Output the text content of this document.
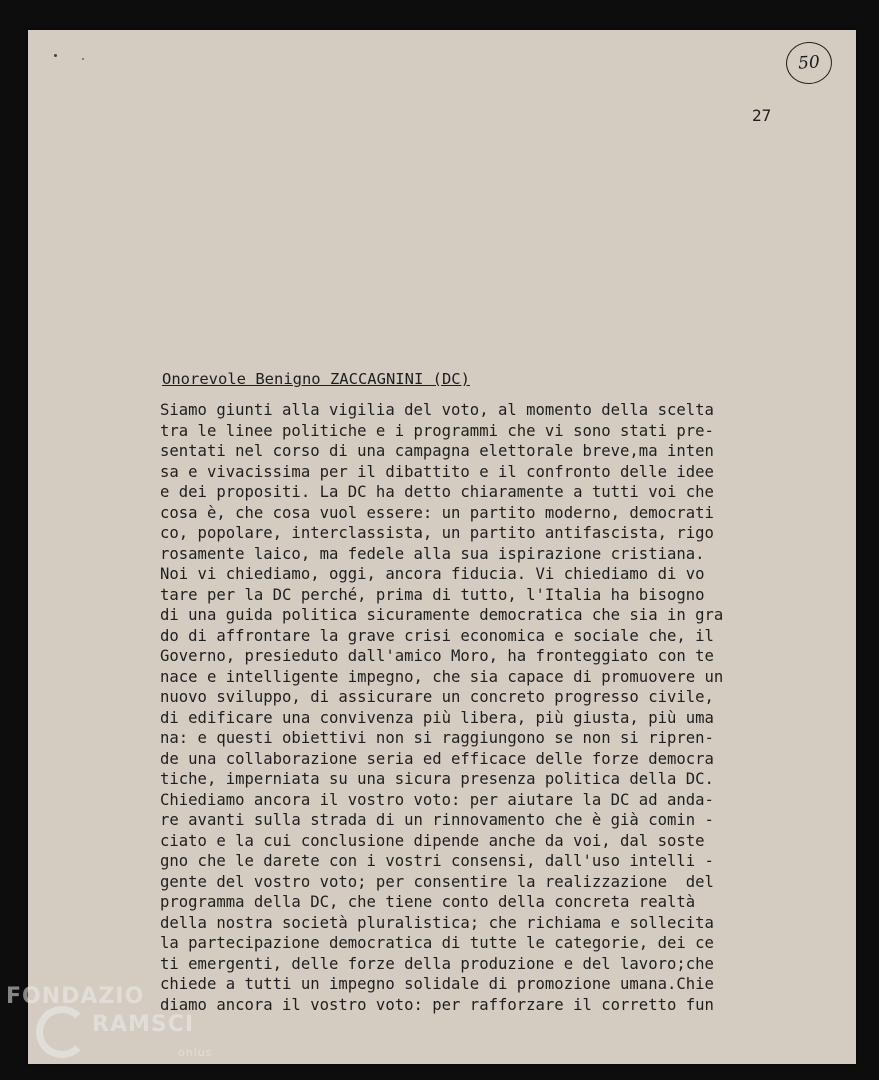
50
27
Onorevole Benigno ZACCAGNINI (DC)
Siamo giunti alla vigilia del voto, al momento della scelta
tra le linee politiche e i programmi che vi sono stati pre-
sentati nel corso di una campagna elettorale breve,ma inten
sa e vivacissima per il dibattito e il confronto delle idee
e dei propositi. La DC ha detto chiaramente a tutti voi che
cosa è, che cosa vuol essere: un partito moderno, democrati
co, popolare, interclassista, un partito antifascista, rigo
rosamente laico, ma fedele alla sua ispirazione cristiana.
Noi vi chiediamo, oggi, ancora fiducia. Vi chiediamo di vo
tare per la DC perché, prima di tutto, l'Italia ha bisogno
di una guida politica sicuramente democratica che sia in gra
do di affrontare la grave crisi economica e sociale che, il
Governo, presieduto dall'amico Moro, ha fronteggiato con te
nace e intelligente impegno, che sia capace di promuovere un
nuovo sviluppo, di assicurare un concreto progresso civile,
di edificare una convivenza più libera, più giusta, più uma
na: e questi obiettivi non si raggiungono se non si ripren-
de una collaborazione seria ed efficace delle forze democra
tiche, imperniata su una sicura presenza politica della DC.
Chiediamo ancora il vostro voto: per aiutare la DC ad anda-
re avanti sulla strada di un rinnovamento che è già comin -
ciato e la cui conclusione dipende anche da voi, dal soste
gno che le darete con i vostri consensi, dall'uso intelli -
gente del vostro voto; per consentire la realizzazione  del
programma della DC, che tiene conto della concreta realtà
della nostra società pluralistica; che richiama e sollecita
la partecipazione democratica di tutte le categorie, dei ce
ti emergenti, delle forze della produzione e del lavoro;che
chiede a tutti un impegno solidale di promozione umana.Chie
diamo ancora il vostro voto: per rafforzare il corretto fun
FONDAZIO
RAMSCI
onlus
